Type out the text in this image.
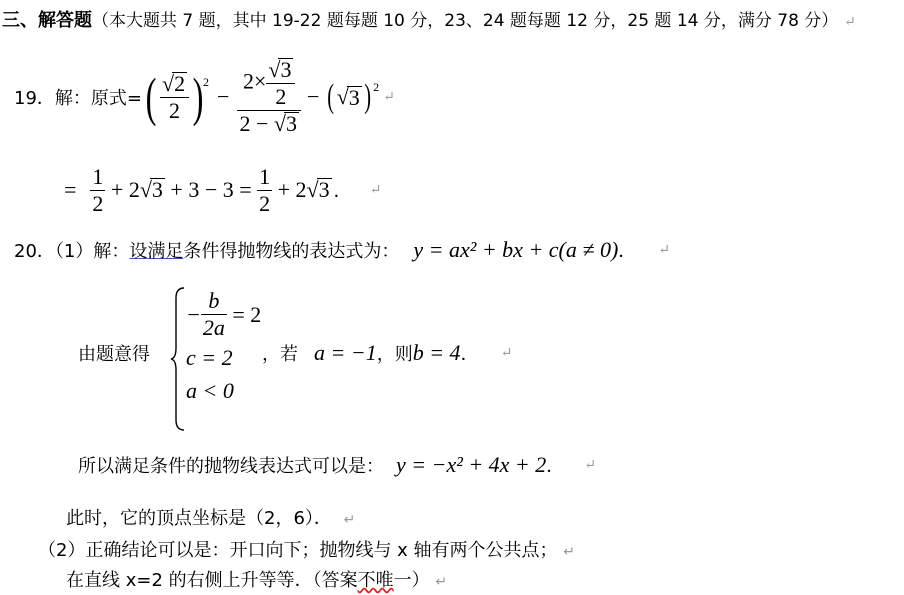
三、解答题（本大题共 7 题，其中 19-22 题每题 10 分，23、24 题每题 12 分，25 题 14 分，满分 78 分） ↵
19．解：原式= ( $\frac{√2}{2} )^2$
− $\frac{2\times \frac{√3}{2}}{2 - √3}$ − ( √ 3 )$^2$
↵
= $\frac{1}{2} + 2√3 + 3 - 3 = \frac{1}{2} + 2√3$ ． ↵
20．（1）解： 设满足 条件得抛物线的表达式为： y = ax² + bx + c(a ≠ 0) ． ↵
由题意得
− $\frac{b}{2a} = 2$
c = 2
a < 0
，若 a = −1 ，则 b = 4 ． ↵
所以满足条件的抛物线表达式可以是： y = −x² + 4x + 2 ． ↵
此时，它的顶点坐标是（2，6）． ↵
（2）正确结论可以是：开口向下；抛物线与 x 轴有两个公共点； ↵
在直线 x=2 的右侧上升等等．（答案不唯一） ↵
